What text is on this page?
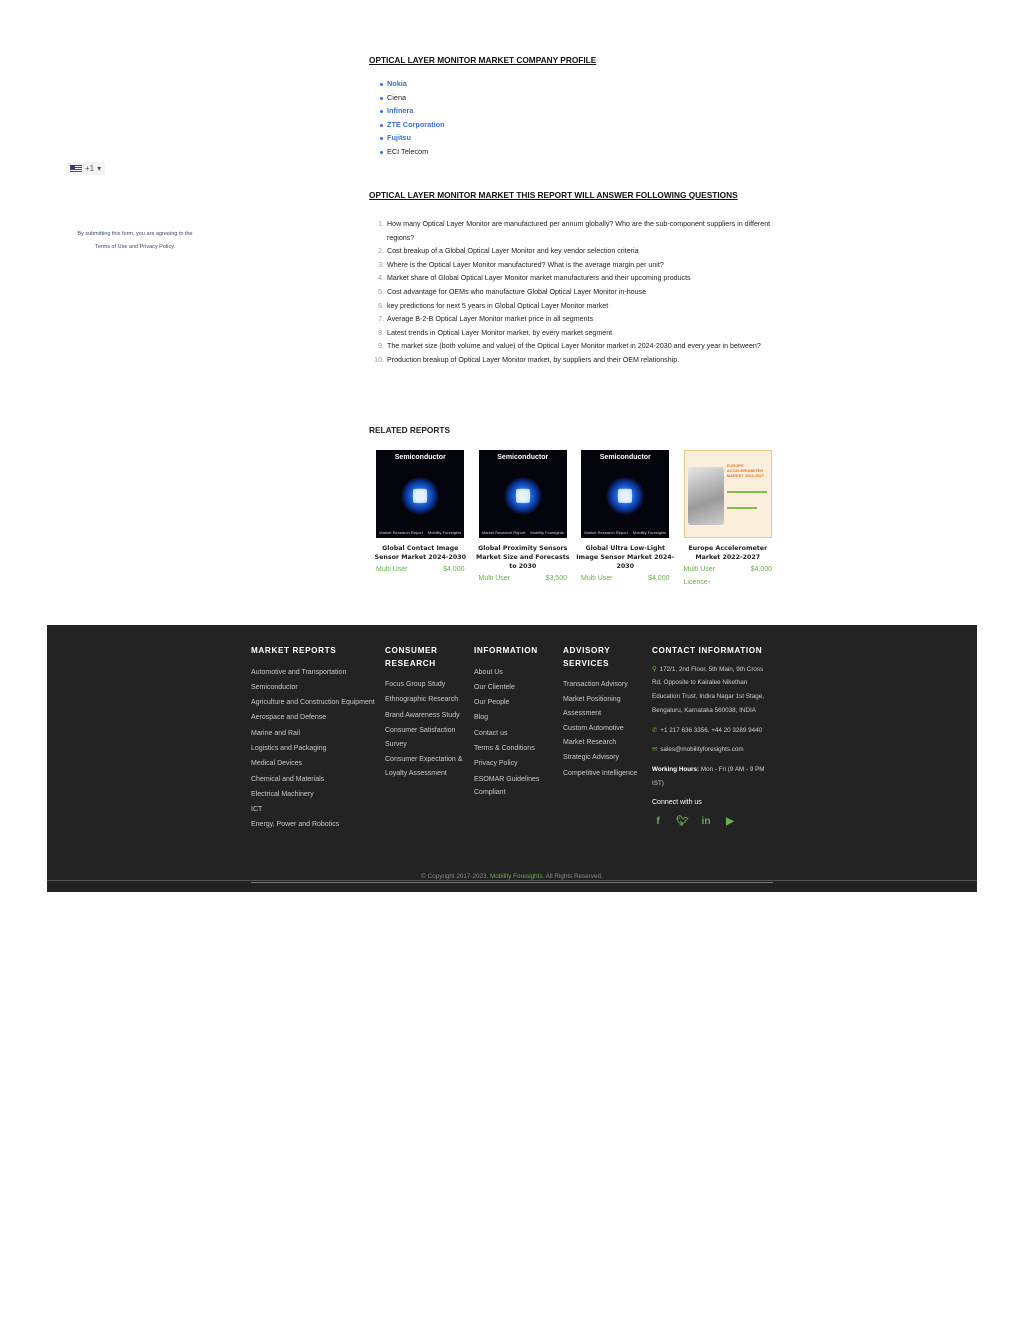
+1 ▾
By submitting this form, you are agreeing to the Terms of Use and Privacy Policy.
OPTICAL LAYER MONITOR MARKET COMPANY PROFILE
Nokia
Ciena
Infinera
ZTE Corporation
Fujitsu
ECI Telecom
OPTICAL LAYER MONITOR MARKET THIS REPORT WILL ANSWER FOLLOWING QUESTIONS
1. How many Optical Layer Monitor are manufactured per annum globally? Who are the sub-component suppliers in different regions?
2. Cost breakup of a Global Optical Layer Monitor and key vendor selection criteria
3. Where is the Optical Layer Monitor manufactured? What is the average margin per unit?
4. Market share of Global Optical Layer Monitor market manufacturers and their upcoming products
5. Cost advantage for OEMs who manufacture Global Optical Layer Monitor in-house
6. key predictions for next 5 years in Global Optical Layer Monitor market
7. Average B-2-B Optical Layer Monitor market price in all segments
8. Latest trends in Optical Layer Monitor market, by every market segment
9. The market size (both volume and value) of the Optical Layer Monitor market in 2024-2030 and every year in between?
10. Production breakup of Optical Layer Monitor market, by suppliers and their OEM relationship.
RELATED REPORTS
Semiconductor
Market Research Report Mobility Foresights
Global Contact Image Sensor Market 2024-2030
Multi User	$4,000
Semiconductor
Market Research Report Mobility Foresights
Global Proximity Sensors Market Size and Forecasts to 2030
Multi User	$3,500
Semiconductor
Market Research Report Mobility Foresights
Global Ultra Low-Light Image Sensor Market 2024-2030
Multi User	$4,000
EUROPE ACCELEROMETER MARKET 2022-2027
Europe Accelerometer Market 2022-2027
Multi User License-
$4,000
MARKET REPORTS
Automotive and Transportation
Semiconductor
Agriculture and Construction Equipment
Aerospace and Defense
Marine and Rail
Logistics and Packaging
Medical Devices
Chemical and Materials
Electrical Machinery
ICT
Energy, Power and Robotics
CONSUMER RESEARCH
Focus Group Study
Ethnographic Research
Brand Awareness Study
Consumer Satisfaction Survey
Consumer Expectation & Loyalty Assessment
INFORMATION
About Us
Our Clientele
Our People
Blog
Contact us
Terms & Conditions
Privacy Policy
ESOMAR Guidelines Compliant
ADVISORY SERVICES
Transaction Advisory
Market Positioning Assessment
Custom Automotive Market Research
Strategic Advisory
Competitive Intelligence
CONTACT INFORMATION

⚲ 172/1, 2nd Floor, 5th Main, 9th Cross Rd, Opposite to Kairalee Nikethan Education Trust, Indira Nagar 1st Stage, Bengaluru, Karnataka 560038, INDIA

✆ +1 217 636 3356, +44 20 3289 9440

✉ sales@mobilityforesights.com

Working Hours: Mon - Fri (9 AM - 9 PM IST)

Connect with us
f	🐦︎ in ▶
© Copyright 2017-2023. Mobility Foresights. All Rights Reserved.
